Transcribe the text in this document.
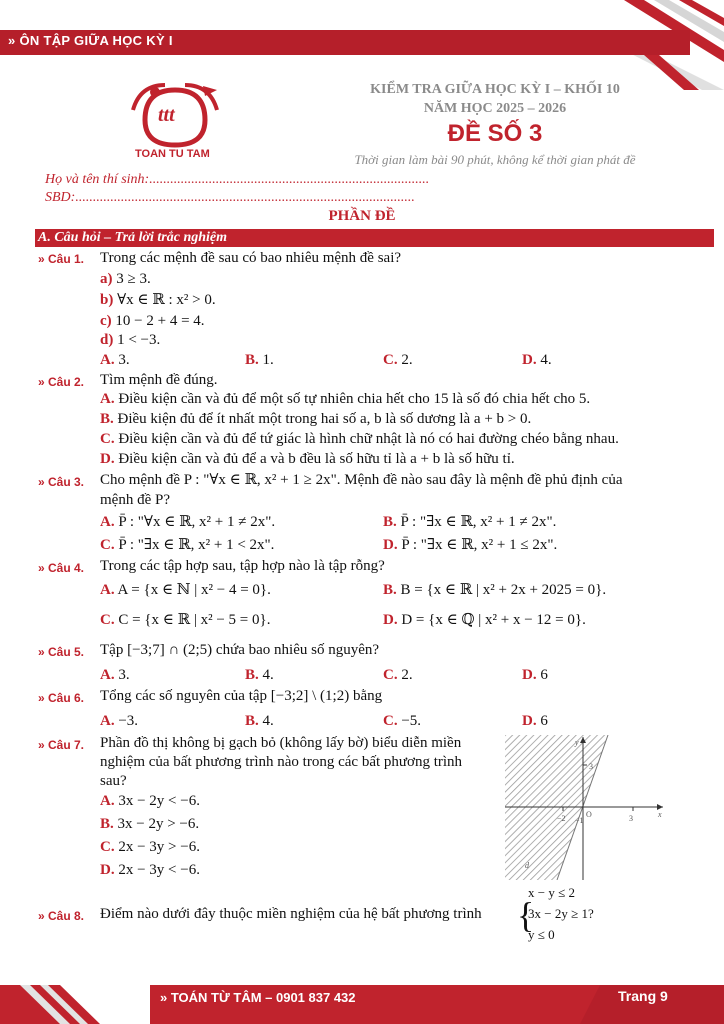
» ÔN TẬP GIỮA HỌC KỲ I
ttt
TOAN TU TAM
KIỂM TRA GIỮA HỌC KỲ I – KHỐI 10
NĂM HỌC 2025 – 2026
ĐỀ SỐ 3
Thời gian làm bài 90 phút, không kể thời gian phát đề
Họ và tên thí sinh:................................................................................
SBD:.................................................................................................
PHẦN ĐỀ
A. Câu hỏi – Trả lời trắc nghiệm
» Câu 1. Trong các mệnh đề sau có bao nhiêu mệnh đề sai?
a) 3 ≥ 3.
b) ∀x ∈ ℝ : x² > 0.
c) 10 − 2 + 4 = 4.
d) 1 < −3.
A. 3.	B. 1.	C. 2.	D. 4.
» Câu 2. Tìm mệnh đề đúng.
A. Điều kiện cần và đủ để một số tự nhiên chia hết cho 15 là số đó chia hết cho 5.
B. Điều kiện đủ để ít nhất một trong hai số a, b là số dương là a + b > 0.
C. Điều kiện cần và đủ để tứ giác là hình chữ nhật là nó có hai đường chéo bằng nhau.
D. Điều kiện cần và đủ để a và b đều là số hữu tỉ là a + b là số hữu tỉ.
» Câu 3. Cho mệnh đề P : "∀x ∈ ℝ, x² + 1 ≥ 2x". Mệnh đề nào sau đây là mệnh đề phủ định của
mệnh đề P?
A. P̄ : "∀x ∈ ℝ, x² + 1 ≠ 2x".	B. P̄ : "∃x ∈ ℝ, x² + 1 ≠ 2x".
C. P̄ : "∃x ∈ ℝ, x² + 1 < 2x".	D. P̄ : "∃x ∈ ℝ, x² + 1 ≤ 2x".
» Câu 4. Trong các tập hợp sau, tập hợp nào là tập rỗng?
A. A = {x ∈ ℕ | x² − 4 = 0}.	B. B = {x ∈ ℝ | x² + 2x + 2025 = 0}.
C. C = {x ∈ ℝ | x² − 5 = 0}.	D. D = {x ∈ ℚ | x² + x − 12 = 0}.
» Câu 5. Tập [−3;7] ∩ (2;5) chứa bao nhiêu số nguyên?
A. 3.	B. 4.	C. 2.	D. 6
» Câu 6. Tổng các số nguyên của tập [−3;2] \ (1;2) bằng
A. −3.	B. 4.	C. −5.	D. 6
» Câu 7. Phần đồ thị không bị gạch bỏ (không lấy bờ) biểu diễn miền
nghiệm của bất phương trình nào trong các bất phương trình
sau?
A. 3x − 2y < −6.
B. 3x − 2y > −6.
C. 2x − 3y > −6.
D. 2x − 3y < −6.
3
−2	3
O
−1
x
y
d
» Câu 8. Điểm nào dưới đây thuộc miền nghiệm của hệ bất phương trình {
x − y ≤ 2
3x − 2y ≥ 1?
y ≤ 0
» TOÁN TỪ TÂM – 0901 837 432	Trang 9
